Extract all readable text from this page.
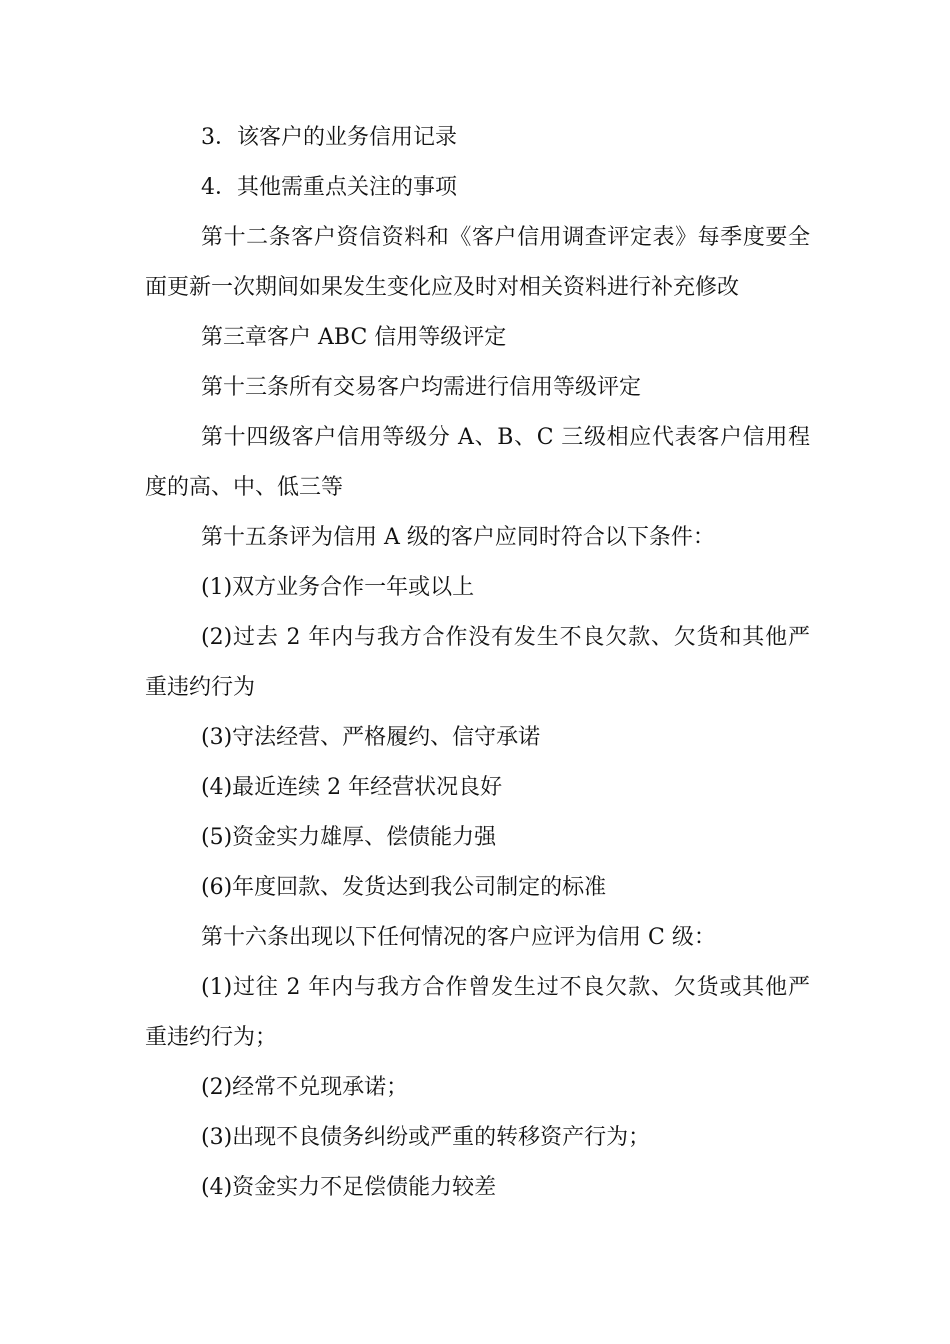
3．该客户的业务信用记录

4．其他需重点关注的事项

第十二条客户资信资料和《客户信用调查评定表》每季度要全面更新一次期间如果发生变化应及时对相关资料进行补充修改

第三章客户 ABC 信用等级评定

第十三条所有交易客户均需进行信用等级评定

第十四级客户信用等级分 A、B、C 三级相应代表客户信用程度的高、中、低三等

第十五条评为信用 A 级的客户应同时符合以下条件：

(1)双方业务合作一年或以上

(2)过去 2 年内与我方合作没有发生不良欠款、欠货和其他严重违约行为

(3)守法经营、严格履约、信守承诺

(4)最近连续 2 年经营状况良好

(5)资金实力雄厚、偿债能力强

(6)年度回款、发货达到我公司制定的标准

第十六条出现以下任何情况的客户应评为信用 C 级：

(1)过往 2 年内与我方合作曾发生过不良欠款、欠货或其他严重违约行为；

(2)经常不兑现承诺；

(3)出现不良债务纠纷或严重的转移资产行为；

(4)资金实力不足偿债能力较差
